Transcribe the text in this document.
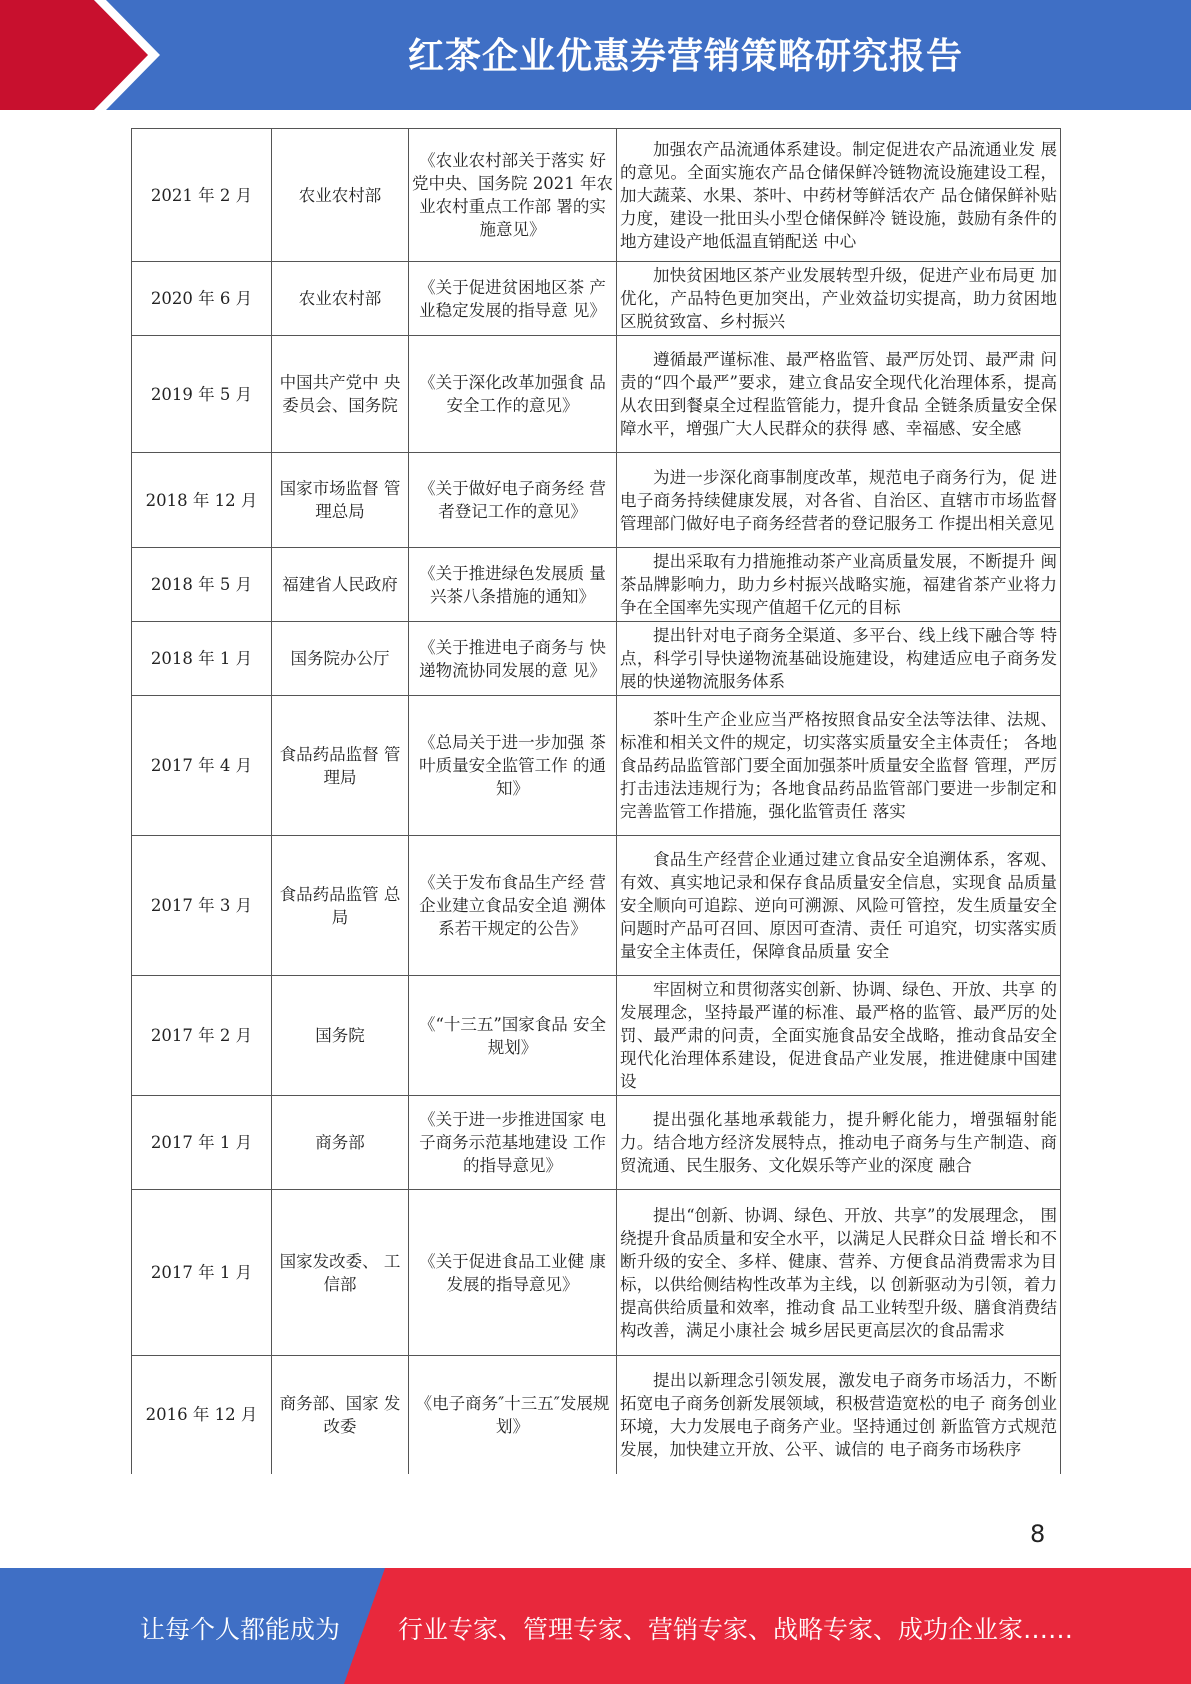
红茶企业优惠券营销策略研究报告
2021 年 2 月	农业农村部	《农业农村部关于落实 好党中央、国务院 2021 年农业农村重点工作部 署的实施意见》	加强农产品流通体系建设。制定促进农产品流通业发 展的意见。全面实施农产品仓储保鲜冷链物流设施建设工程，加大蔬菜、水果、茶叶、中药材等鲜活农产 品仓储保鲜补贴力度，建设一批田头小型仓储保鲜冷 链设施，鼓励有条件的地方建设产地低温直销配送 中心
2020 年 6 月	农业农村部	《关于促进贫困地区茶 产业稳定发展的指导意 见》	加快贫困地区茶产业发展转型升级，促进产业布局更 加优化，产品特色更加突出，产业效益切实提高，助力贫困地区脱贫致富、乡村振兴
2019 年 5 月	中国共产党中 央委员会、国务院	《关于深化改革加强食 品安全工作的意见》	遵循最严谨标准、最严格监管、最严厉处罚、最严肃 问责的“四个最严”要求，建立食品安全现代化治理体系，提高从农田到餐桌全过程监管能力，提升食品 全链条质量安全保障水平，增强广大人民群众的获得 感、幸福感、安全感
2018 年 12 月	国家市场监督 管理总局	《关于做好电子商务经 营者登记工作的意见》	为进一步深化商事制度改革，规范电子商务行为，促 进电子商务持续健康发展，对各省、自治区、直辖市市场监督管理部门做好电子商务经营者的登记服务工 作提出相关意见
2018 年 5 月	福建省人民政府	《关于推进绿色发展质 量兴茶八条措施的通知》	提出采取有力措施推动茶产业高质量发展，不断提升 闽茶品牌影响力，助力乡村振兴战略实施，福建省茶产业将力争在全国率先实现产值超千亿元的目标
2018 年 1 月	国务院办公厅	《关于推进电子商务与 快递物流协同发展的意 见》	提出针对电子商务全渠道、多平台、线上线下融合等 特点，科学引导快递物流基础设施建设，构建适应电子商务发展的快递物流服务体系
2017 年 4 月	食品药品监督 管理局	《总局关于进一步加强 茶叶质量安全监管工作 的通知》	茶叶生产企业应当严格按照食品安全法等法律、法规、 标准和相关文件的规定，切实落实质量安全主体责任； 各地食品药品监管部门要全面加强茶叶质量安全监督 管理，严厉打击违法违规行为；各地食品药品监管部门要进一步制定和完善监管工作措施，强化监管责任 落实
2017 年 3 月	食品药品监管 总局	《关于发布食品生产经 营企业建立食品安全追 溯体系若干规定的公告》	食品生产经营企业通过建立食品安全追溯体系，客观、 有效、真实地记录和保存食品质量安全信息，实现食 品质量安全顺向可追踪、逆向可溯源、风险可管控，发生质量安全问题时产品可召回、原因可查清、责任 可追究，切实落实质量安全主体责任，保障食品质量 安全
2017 年 2 月	国务院	《“十三五”国家食品 安全规划》	牢固树立和贯彻落实创新、协调、绿色、开放、共享 的发展理念，坚持最严谨的标准、最严格的监管、最严厉的处罚、最严肃的问责，全面实施食品安全战略，推动食品安全现代化治理体系建设，促进食品产业发展，推进健康中国建设
2017 年 1 月	商务部	《关于进一步推进国家 电子商务示范基地建设 工作的指导意见》	提出强化基地承载能力，提升孵化能力，增强辐射能 力。结合地方经济发展特点，推动电子商务与生产制造、商贸流通、民生服务、文化娱乐等产业的深度 融合
2017 年 1 月	国家发改委、 工信部	《关于促进食品工业健 康发展的指导意见》	提出“创新、协调、绿色、开放、共享”的发展理念， 围绕提升食品质量和安全水平，以满足人民群众日益 增长和不断升级的安全、多样、健康、营养、方便食品消费需求为目标，以供给侧结构性改革为主线，以 创新驱动为引领，着力提高供给质量和效率，推动食 品工业转型升级、膳食消费结构改善，满足小康社会 城乡居民更高层次的食品需求
2016 年 12 月	商务部、国家 发改委	《电子商务″十三五″发展规划》	提出以新理念引领发展，激发电子商务市场活力，不断拓宽电子商务创新发展领域，积极营造宽松的电子 商务创业环境，大力发展电子商务产业。坚持通过创 新监管方式规范发展，加快建立开放、公平、诚信的 电子商务市场秩序
8
让每个人都能成为 行业专家、管理专家、营销专家、战略专家、成功企业家……
